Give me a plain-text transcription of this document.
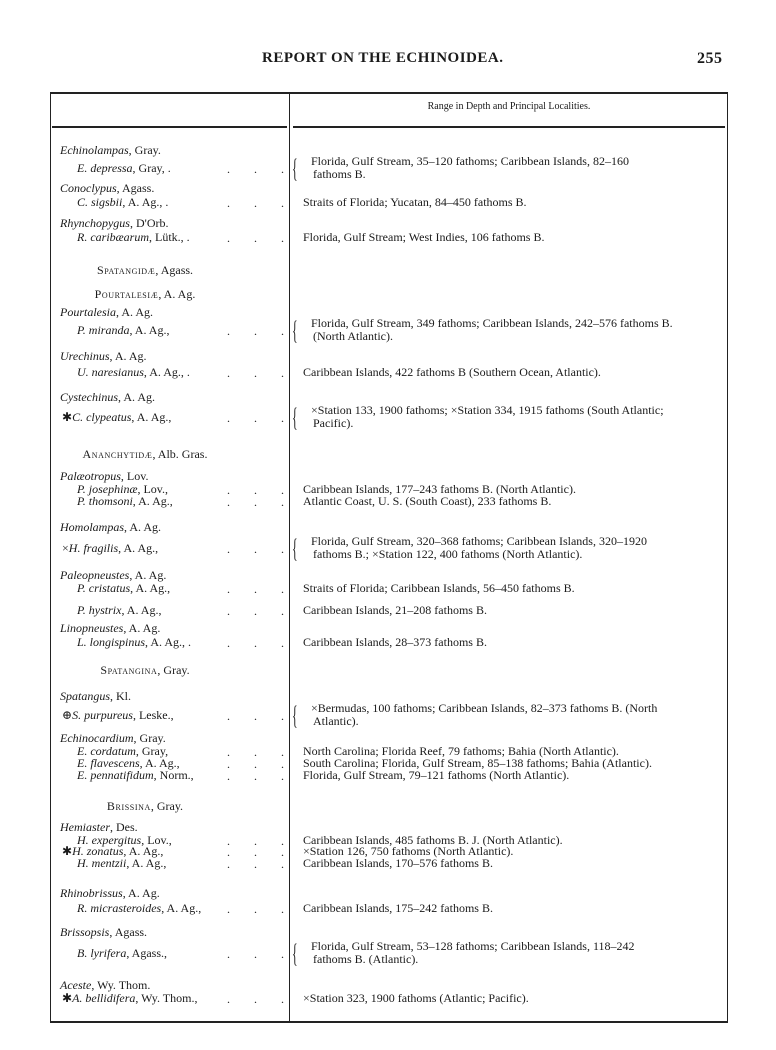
REPORT ON THE ECHINOIDEA.	255
Range in Depth and Principal Localities.
Echinolampas, Gray.
.
Florida, Gulf Stream, 35–120 fathoms; Caribbean Islands, 82–160

fathoms B.
{
E. depressa, Gray, .
Conoclypus, Agass.
.
Straits of Florida; Yucatan, 84–450 fathoms B.
C. sigsbii, A. Ag., .
Rhynchopygus, D'Orb.
.
Florida, Gulf Stream; West Indies, 106 fathoms B.
R. caribæarum, Lütk., .
Spatangidæ, Agass.
Pourtalesiæ, A. Ag.
Pourtalesia, A. Ag.
.
Florida, Gulf Stream, 349 fathoms; Caribbean Islands, 242–576 fathoms B.

(North Atlantic).
{
P. miranda, A. Ag.,
Urechinus, A. Ag.
.
Caribbean Islands, 422 fathoms B (Southern Ocean, Atlantic).
U. naresianus, A. Ag., .
Cystechinus, A. Ag.
.
×Station 133, 1900 fathoms; ×Station 334, 1915 fathoms (South Atlantic;

Pacific).
{
✱C. clypeatus, A. Ag.,
Ananchytidæ, Alb. Gras.
Palæotropus, Lov.
.
Caribbean Islands, 177–243 fathoms B. (North Atlantic).
P. josephinæ, Lov.,
.
Atlantic Coast, U. S. (South Coast), 233 fathoms B.
P. thomsoni, A. Ag.,
Homolampas, A. Ag.
.
Florida, Gulf Stream, 320–368 fathoms; Caribbean Islands, 320–1920

fathoms B.; ×Station 122, 400 fathoms (North Atlantic).
{
×H. fragilis, A. Ag.,
Paleopneustes, A. Ag.
.
Straits of Florida; Caribbean Islands, 56–450 fathoms B.
P. cristatus, A. Ag.,
.
Caribbean Islands, 21–208 fathoms B.
P. hystrix, A. Ag.,
Linopneustes, A. Ag.
.
Caribbean Islands, 28–373 fathoms B.
L. longispinus, A. Ag., .
Spatangina, Gray.
Spatangus, Kl.
.
×Bermudas, 100 fathoms; Caribbean Islands, 82–373 fathoms B. (North

Atlantic).
{
⊕S. purpureus, Leske.,
Echinocardium, Gray.
.
North Carolina; Florida Reef, 79 fathoms; Bahia (North Atlantic).
E. cordatum, Gray,
.
South Carolina; Florida, Gulf Stream, 85–138 fathoms; Bahia (Atlantic).
E. flavescens, A. Ag.,
.
Florida, Gulf Stream, 79–121 fathoms (North Atlantic).
E. pennatifidum, Norm.,
Brissina, Gray.
Hemiaster, Des.
.
Caribbean Islands, 485 fathoms B. J. (North Atlantic).
H. expergitus, Lov.,
.
×Station 126, 750 fathoms (North Atlantic).
✱H. zonatus, A. Ag.,
.
Caribbean Islands, 170–576 fathoms B.
H. mentzii, A. Ag.,
Rhinobrissus, A. Ag.
.
Caribbean Islands, 175–242 fathoms B.
R. micrasteroides, A. Ag.,
Brissopsis, Agass.
.
Florida, Gulf Stream, 53–128 fathoms; Caribbean Islands, 118–242

fathoms B. (Atlantic).
{
B. lyrifera, Agass.,
Aceste, Wy. Thom.
.
×Station 323, 1900 fathoms (Atlantic; Pacific).
✱A. bellidifera, Wy. Thom.,
